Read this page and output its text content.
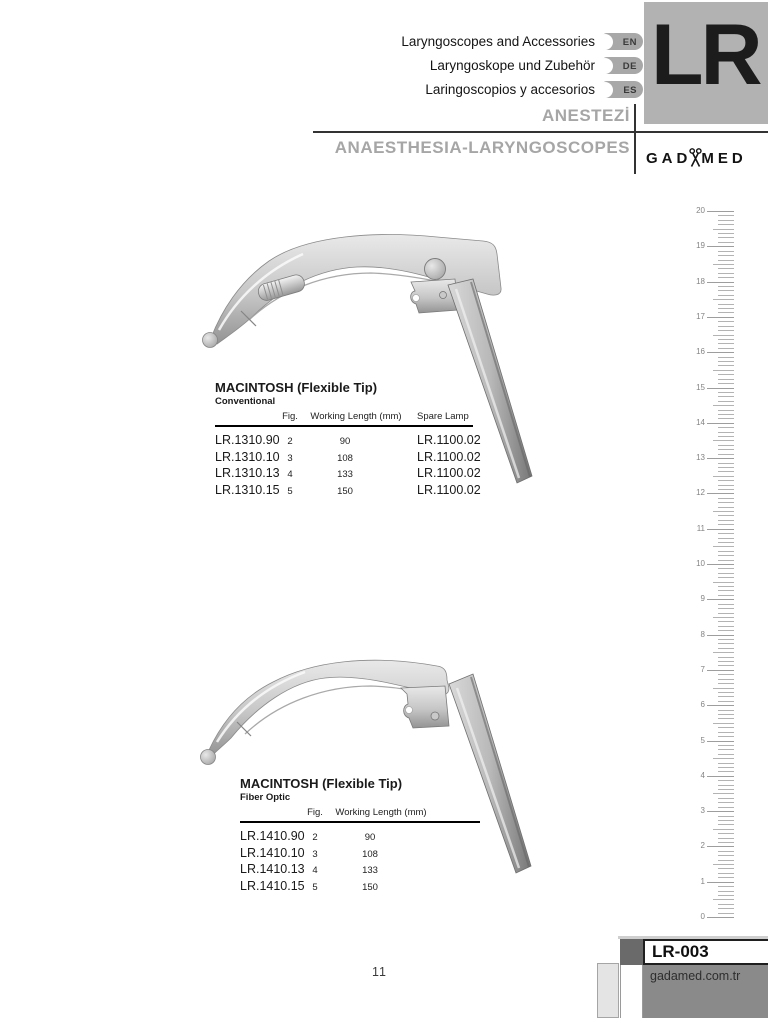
Laryngoscopes and Accessories	EN
Laryngoskope und Zubehör	DE
Laringoscopios y accesorios	ES LR
ANESTEZİ
ANAESTHESIA-LARYNGOSCOPES
GAD MED
MACINTOSH (Flexible Tip)
Conventional
Fig.	Working Length (mm)	Spare Lamp
LR.1310.90 2	90	LR.1100.02
LR.1310.10 3	108	LR.1100.02
LR.1310.13 4	133	LR.1100.02
LR.1310.15 5	150	LR.1100.02
MACINTOSH (Flexible Tip)
Fiber Optic
Fig.	Working Length (mm)
LR.1410.90 2	90
LR.1410.10 3	108
LR.1410.13 4	133
LR.1410.15 5	150
20
19
18
17
16
15
14
13
12
11
10
9
8
7
6
5
4
3
2
1
0
11
LR-003
gadamed.com.tr
